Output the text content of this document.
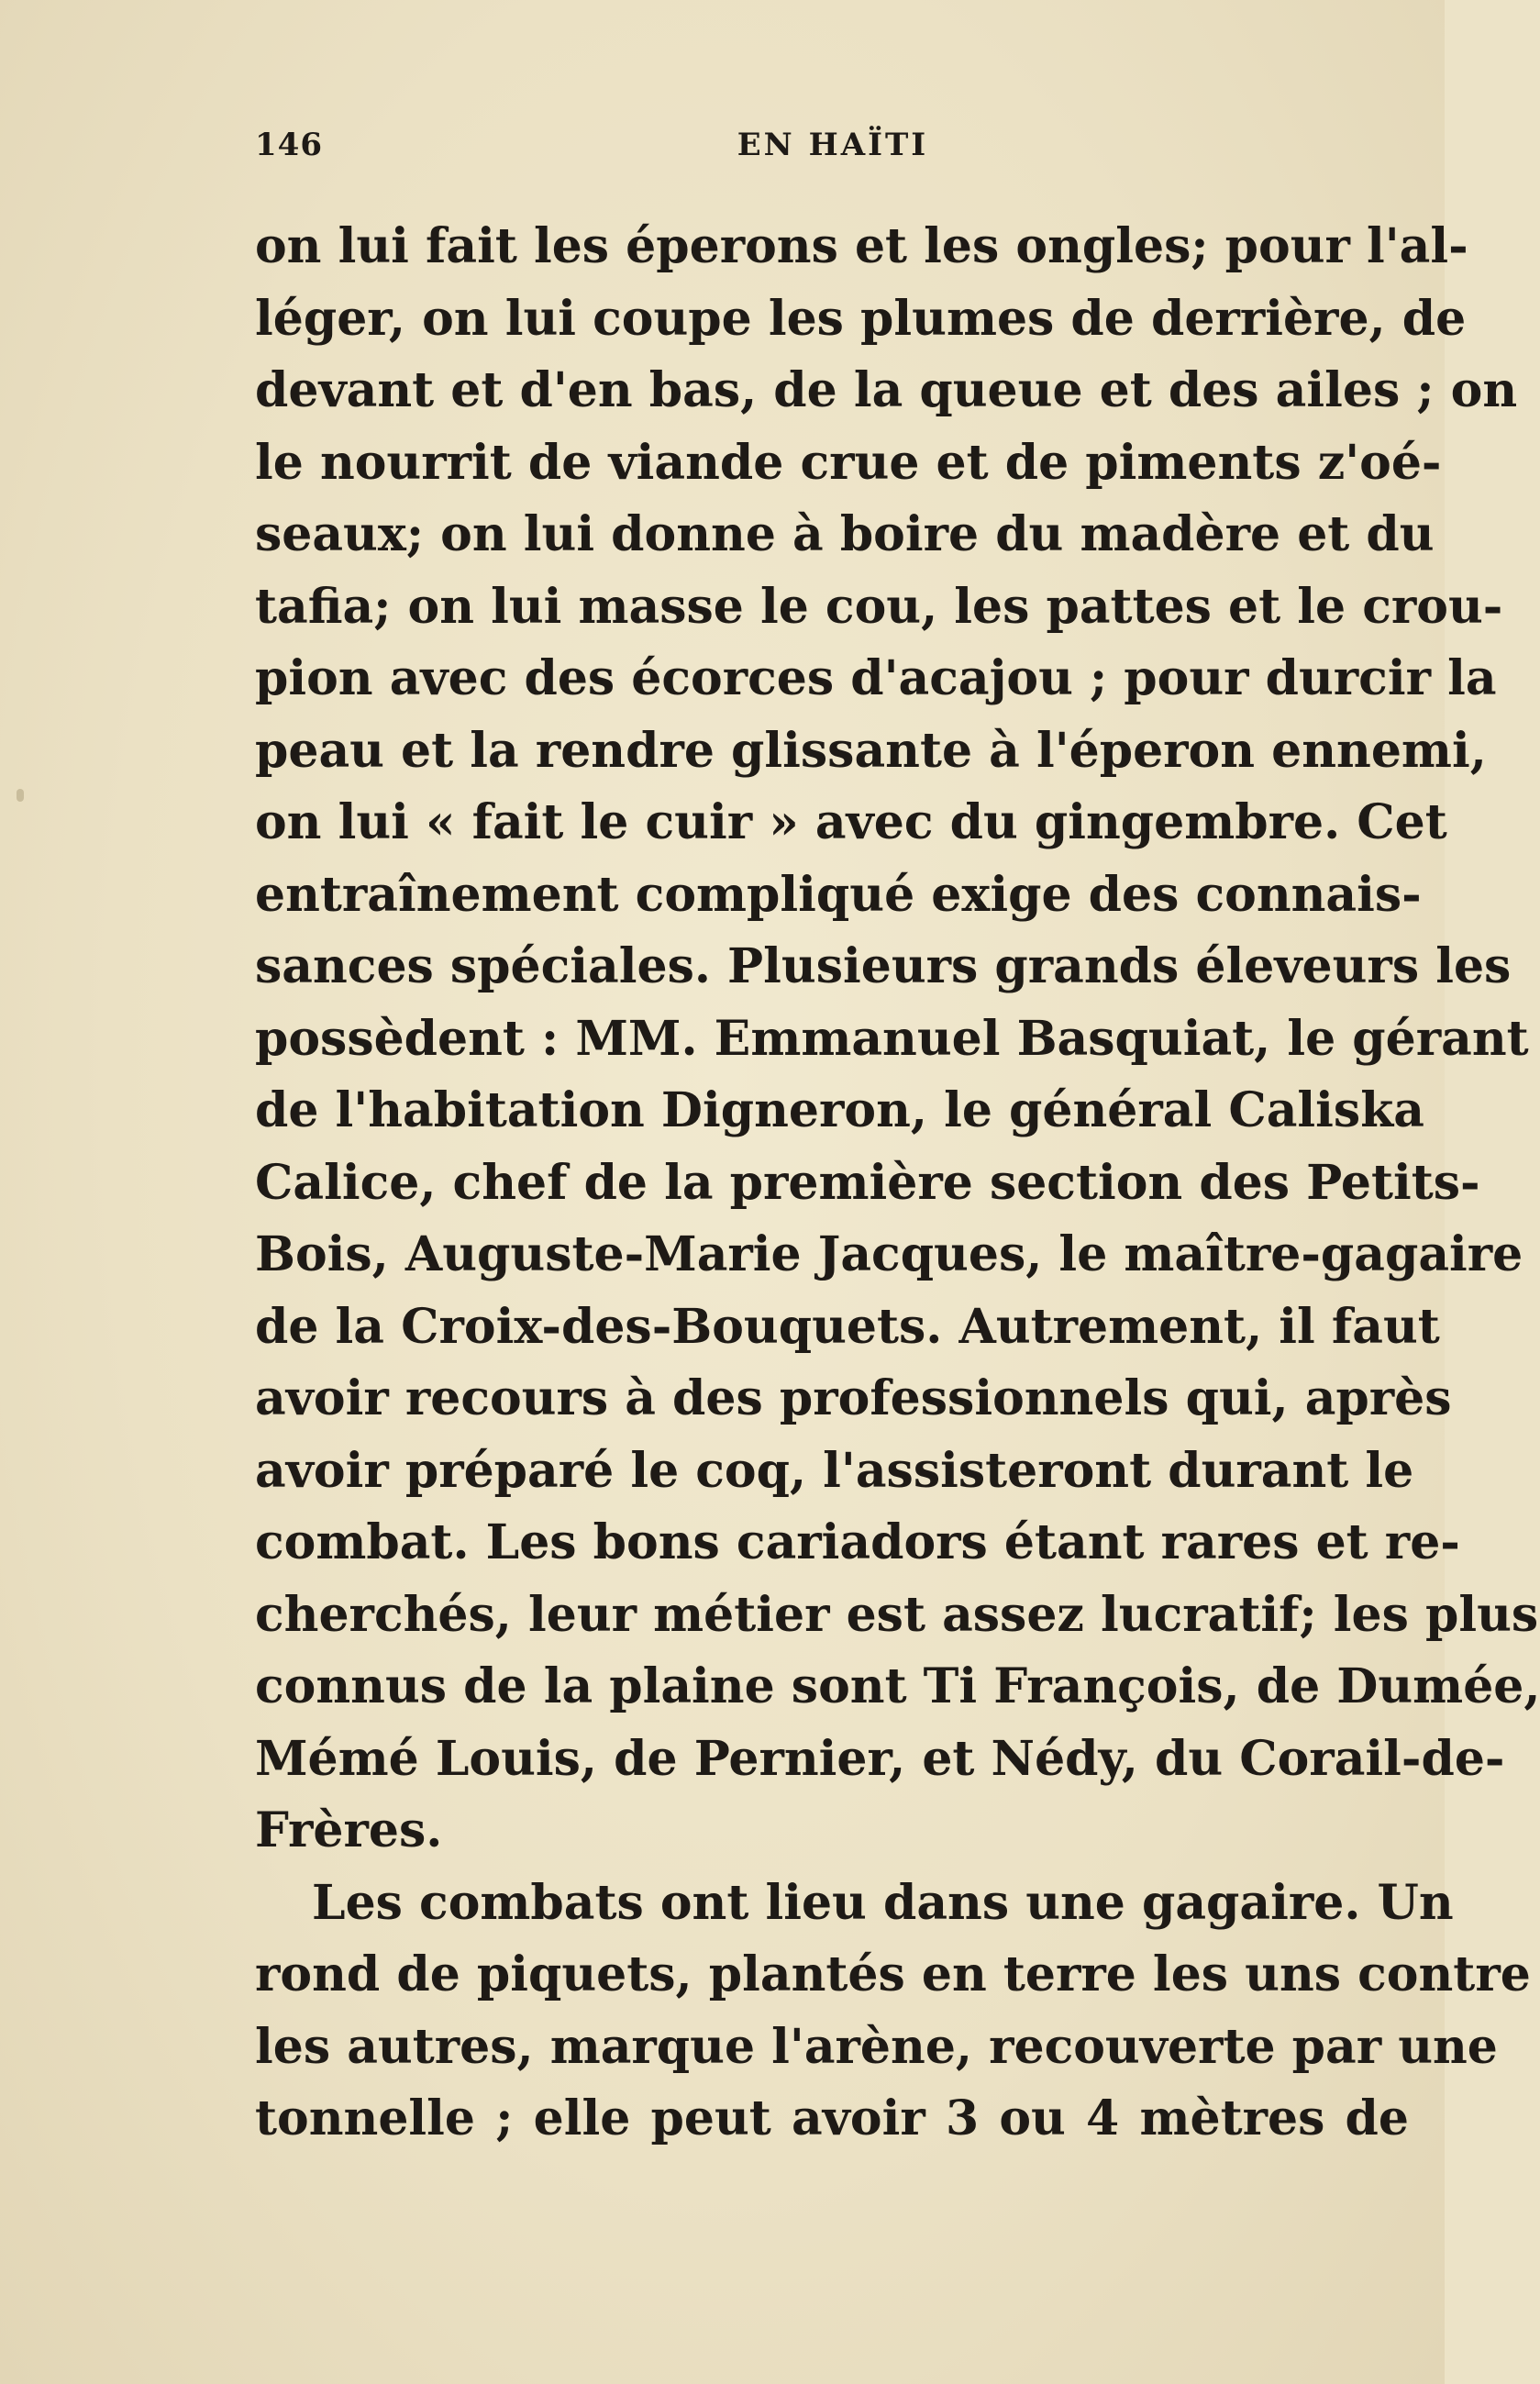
146	EN HAÏTI
on lui fait les éperons et les ongles; pour l'al-
léger, on lui coupe les plumes de derrière, de
devant et d'en bas, de la queue et des ailes ; on
le nourrit de viande crue et de piments z'oé-
seaux; on lui donne à boire du madère et du
tafia; on lui masse le cou, les pattes et le crou-
pion avec des écorces d'acajou ; pour durcir la
peau et la rendre glissante à l'éperon ennemi,
on lui « fait le cuir » avec du gingembre. Cet
entraînement compliqué exige des connais-
sances spéciales. Plusieurs grands éleveurs les
possèdent : MM. Emmanuel Basquiat, le gérant
de l'habitation Digneron, le général Caliska
Calice, chef de la première section des Petits-
Bois, Auguste-Marie Jacques, le maître-gagaire
de la Croix-des-Bouquets. Autrement, il faut
avoir recours à des professionnels qui, après
avoir préparé le coq, l'assisteront durant le
combat. Les bons cariadors étant rares et re-
cherchés, leur métier est assez lucratif; les plus
connus de la plaine sont Ti François, de Dumée,
Mémé Louis, de Pernier, et Nédy, du Corail-de-
Frères.
Les combats ont lieu dans une gagaire. Un
rond de piquets, plantés en terre les uns contre
les autres, marque l'arène, recouverte par une
tonnelle ; elle peut avoir 3 ou 4 mètres de
